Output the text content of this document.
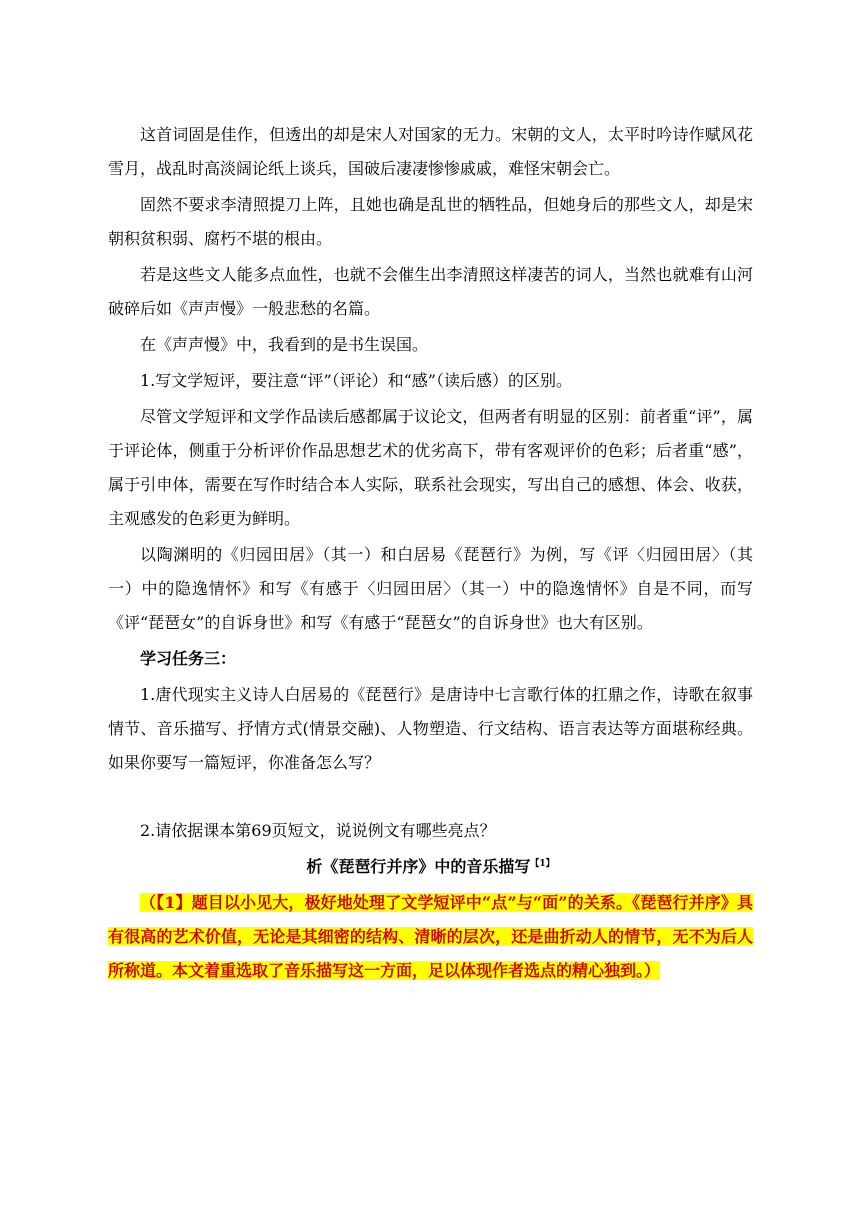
这首词固是佳作，但透出的却是宋人对国家的无力。宋朝的文人，太平时吟诗作赋风花雪月，战乱时高淡阔论纸上谈兵，国破后凄凄惨惨戚戚，难怪宋朝会亡。

固然不要求李清照提刀上阵，且她也确是乱世的牺牲品，但她身后的那些文人，却是宋朝积贫积弱、腐朽不堪的根由。

若是这些文人能多点血性，也就不会催生出李清照这样凄苦的词人，当然也就难有山河破碎后如《声声慢》一般悲愁的名篇。

在《声声慢》中，我看到的是书生误国。

1.写文学短评，要注意“评”（评论）和“感”（读后感）的区别。

尽管文学短评和文学作品读后感都属于议论文，但两者有明显的区别：前者重“评”，属于评论体，侧重于分析评价作品思想艺术的优劣高下，带有客观评价的色彩；后者重“感”，属于引申体，需要在写作时结合本人实际，联系社会现实，写出自己的感想、体会、收获， 主观感发的色彩更为鲜明。

以陶渊明的《归园田居》（其一）和白居易《琵琶行》为例，写《评〈归园田居〉（其一）中的隐逸情怀》和写《有感于〈归园田居〉（其一）中的隐逸情怀》自是不同，而写《评“琵琶女”的自诉身世》和写《有感于“琵琶女”的自诉身世》也大有区别。

学习任务三：

1.唐代现实主义诗人白居易的《琵琶行》是唐诗中七言歌行体的扛鼎之作，诗歌在叙事情节、音乐描写、抒情方式(情景交融)、人物塑造、行文结构、语言表达等方面堪称经典。如果你要写一篇短评，你准备怎么写？

2.请依据课本第69页短文，说说例文有哪些亮点？

析《琵琶行并序》中的音乐描写$^{【1】}$

（【1】题目以小见大，极好地处理了文学短评中“点”与“面”的关系。《琵琶行并序》具有很高的艺术价值，无论是其细密的结构、清晰的层次，还是曲折动人的情节，无不为后人所称道。本文着重选取了音乐描写这一方面，足以体现作者选点的精心独到。）
